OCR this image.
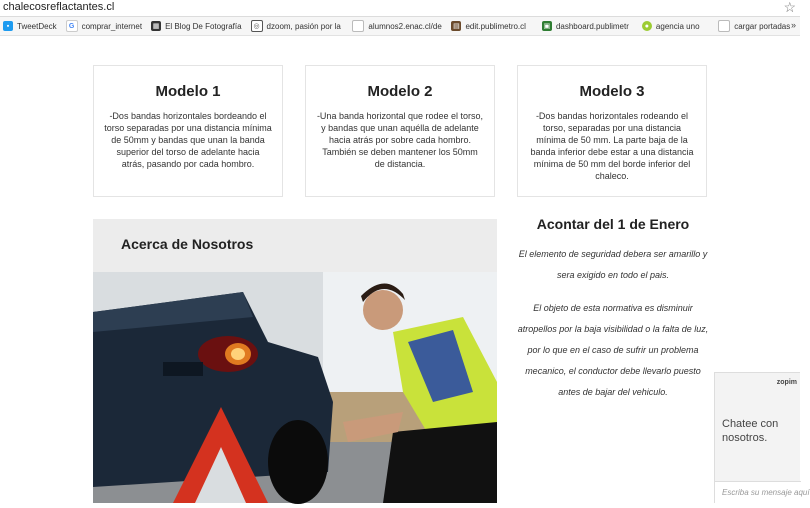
chalecosreflactantes.cl	☆
▪ TweetDeck	G comprar_internet ▦ El Blog De Fotografía	◎ dzoom, pasión por la	alumnos2.enac.cl/de ▤ edit.publimetro.cl	▣ dashboard.publimetr	● agencia uno	cargar portadas »
Modelo 1

-Dos bandas horizontales bordeando el torso separadas por una distancia mínima de 50mm y bandas que unan la banda superior del torso de adelante hacia atrás, pasando por cada hombro.

Modelo 2

-Una banda horizontal que rodee el torso, y bandas que unan aquélla de adelante hacia atrás por sobre cada hombro. También se deben mantener los 50mm de distancia.

Modelo 3

-Dos bandas horizontales rodeando el torso, separadas por una distancia mínima de 50 mm. La parte baja de la banda inferior debe estar a una distancia mínima de 50 mm del borde inferior del chaleco.

Acerca de Nosotros
Acontar del 1 de Enero

El elemento de seguridad debera ser amarillo y sera exigido en todo el pais.

El objeto de esta normativa es disminuir atropellos por la baja visibilidad o la falta de luz, por lo que en el caso de sufrir un problema mecanico, el conductor debe llevarlo puesto antes de bajar del vehiculo.

zopim
Chatee con nosotros.
Escriba su mensaje aquí
